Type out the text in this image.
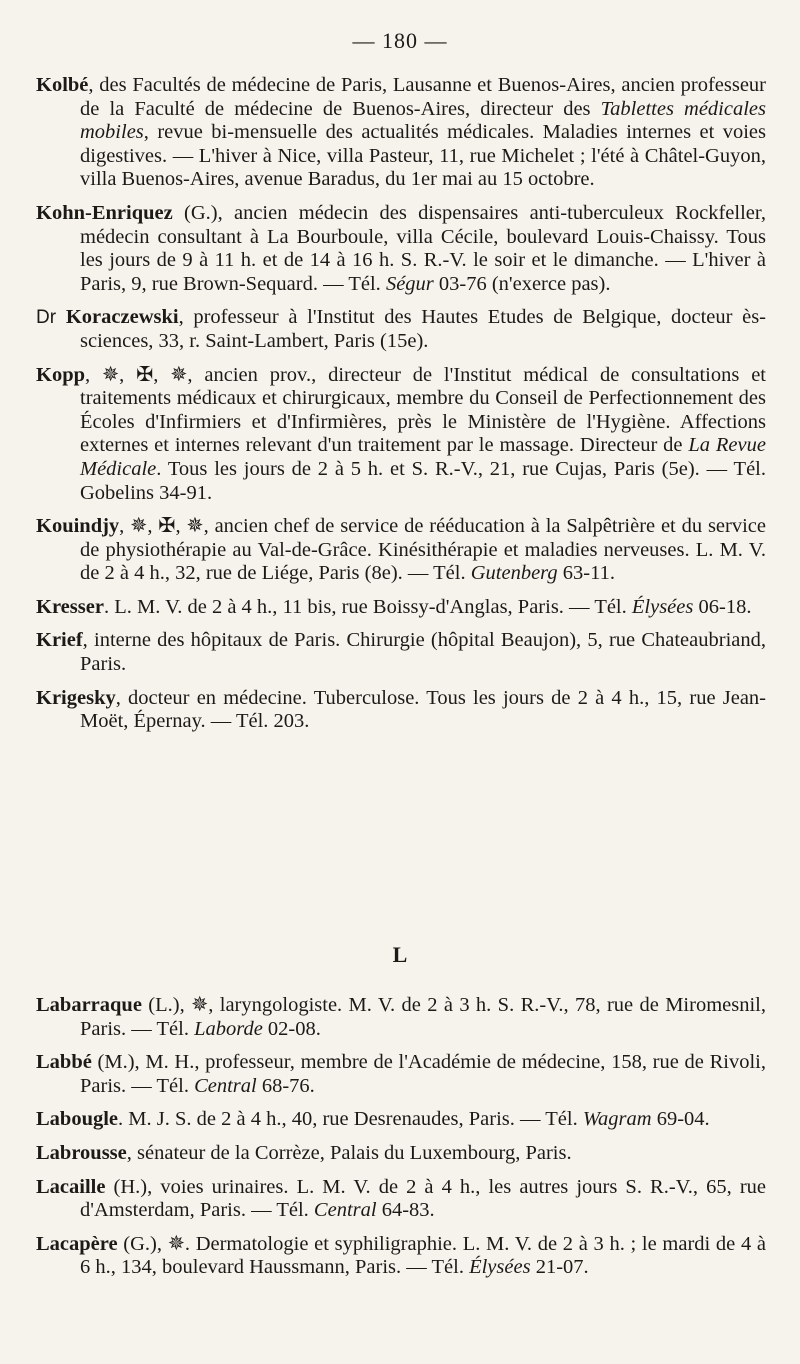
— 180 —

Kolbé, des Facultés de médecine de Paris, Lausanne et Buenos-Aires, ancien professeur de la Faculté de médecine de Buenos-Aires, directeur des Tablettes médicales mobiles, revue bi-mensuelle des actualités médicales. Maladies internes et voies digestives. — L'hiver à Nice, villa Pasteur, 11, rue Michelet ; l'été à Châtel-Guyon, villa Buenos-Aires, avenue Baradus, du 1er mai au 15 octobre.

Kohn-Enriquez (G.), ancien médecin des dispensaires anti-tuberculeux Rockfeller, médecin consultant à La Bourboule, villa Cécile, boulevard Louis-Chaissy. Tous les jours de 9 à 11 h. et de 14 à 16 h. S. R.-V. le soir et le dimanche. — L'hiver à Paris, 9, rue Brown-Sequard. — Tél. Ségur 03-76 (n'exerce pas).

Dr Koraczewski, professeur à l'Institut des Hautes Etudes de Belgique, docteur ès-sciences, 33, r. Saint-Lambert, Paris (15e).

Kopp, ✵, ✠, ✵, ancien prov., directeur de l'Institut médical de consultations et traitements médicaux et chirurgicaux, membre du Conseil de Perfectionnement des Écoles d'Infirmiers et d'Infirmières, près le Ministère de l'Hygiène. Affections externes et internes relevant d'un traitement par le massage. Directeur de La Revue Médicale. Tous les jours de 2 à 5 h. et S. R.-V., 21, rue Cujas, Paris (5e). — Tél. Gobelins 34-91.

Kouindjy, ✵, ✠, ✵, ancien chef de service de rééducation à la Salpêtrière et du service de physiothérapie au Val-de-Grâce. Kinésithérapie et maladies nerveuses. L. M. V. de 2 à 4 h., 32, rue de Liége, Paris (8e). — Tél. Gutenberg 63-11.

Kresser. L. M. V. de 2 à 4 h., 11 bis, rue Boissy-d'Anglas, Paris. — Tél. Élysées 06-18.

Krief, interne des hôpitaux de Paris. Chirurgie (hôpital Beaujon), 5, rue Chateaubriand, Paris.

Krigesky, docteur en médecine. Tuberculose. Tous les jours de 2 à 4 h., 15, rue Jean-Moët, Épernay. — Tél. 203.

L

Labarraque (L.), ✵, laryngologiste. M. V. de 2 à 3 h. S. R.-V., 78, rue de Miromesnil, Paris. — Tél. Laborde 02-08.

Labbé (M.), M. H., professeur, membre de l'Académie de médecine, 158, rue de Rivoli, Paris. — Tél. Central 68-76.

Labougle. M. J. S. de 2 à 4 h., 40, rue Desrenaudes, Paris. — Tél. Wagram 69-04.

Labrousse, sénateur de la Corrèze, Palais du Luxembourg, Paris.

Lacaille (H.), voies urinaires. L. M. V. de 2 à 4 h., les autres jours S. R.-V., 65, rue d'Amsterdam, Paris. — Tél. Central 64-83.

Lacapère (G.), ✵. Dermatologie et syphiligraphie. L. M. V. de 2 à 3 h. ; le mardi de 4 à 6 h., 134, boulevard Haussmann, Paris. — Tél. Élysées 21-07.
